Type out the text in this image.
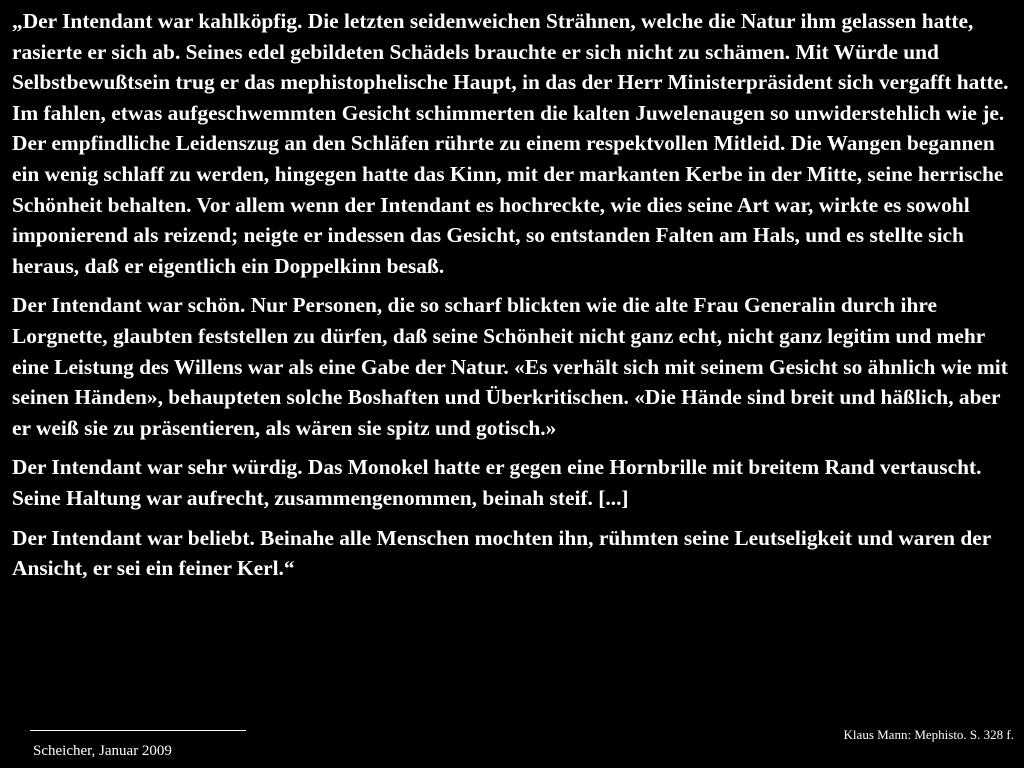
„Der Intendant war kahlköpfig. Die letzten seidenweichen Strähnen, welche die Natur ihm gelassen hatte, rasierte er sich ab. Seines edel gebildeten Schädels brauchte er sich nicht zu schämen. Mit Würde und Selbstbewußtsein trug er das mephistophelische Haupt, in das der Herr Ministerpräsident sich vergafft hatte. Im fahlen, etwas aufgeschwemmten Gesicht schimmerten die kalten Juwelenaugen so unwiderstehlich wie je. Der empfindliche Leidenszug an den Schläfen rührte zu einem respektvollen Mitleid. Die Wangen begannen ein wenig schlaff zu werden, hingegen hatte das Kinn, mit der markanten Kerbe in der Mitte, seine herrische Schönheit behalten. Vor allem wenn der Intendant es hochreckte, wie dies seine Art war, wirkte es sowohl imponierend als reizend; neigte er indessen das Gesicht, so entstanden Falten am Hals, und es stellte sich heraus, daß er eigentlich ein Doppelkinn besaß.

Der Intendant war schön. Nur Personen, die so scharf blickten wie die alte Frau Generalin durch ihre Lorgnette, glaubten feststellen zu dürfen, daß seine Schönheit nicht ganz echt, nicht ganz legitim und mehr eine Leistung des Willens war als eine Gabe der Natur. «Es verhält sich mit seinem Gesicht so ähnlich wie mit seinen Händen», behaupteten solche Boshaften und Überkritischen. «Die Hände sind breit und häßlich, aber er weiß sie zu präsentieren, als wären sie spitz und gotisch.»

Der Intendant war sehr würdig. Das Monokel hatte er gegen eine Hornbrille mit breitem Rand vertauscht. Seine Haltung war aufrecht, zusammengenommen, beinah steif. [...]

Der Intendant war beliebt. Beinahe alle Menschen mochten ihn, rühmten seine Leutseligkeit und waren der Ansicht, er sei ein feiner Kerl.“

Scheicher, Januar 2009
Klaus Mann: Mephisto. S. 328 f.
